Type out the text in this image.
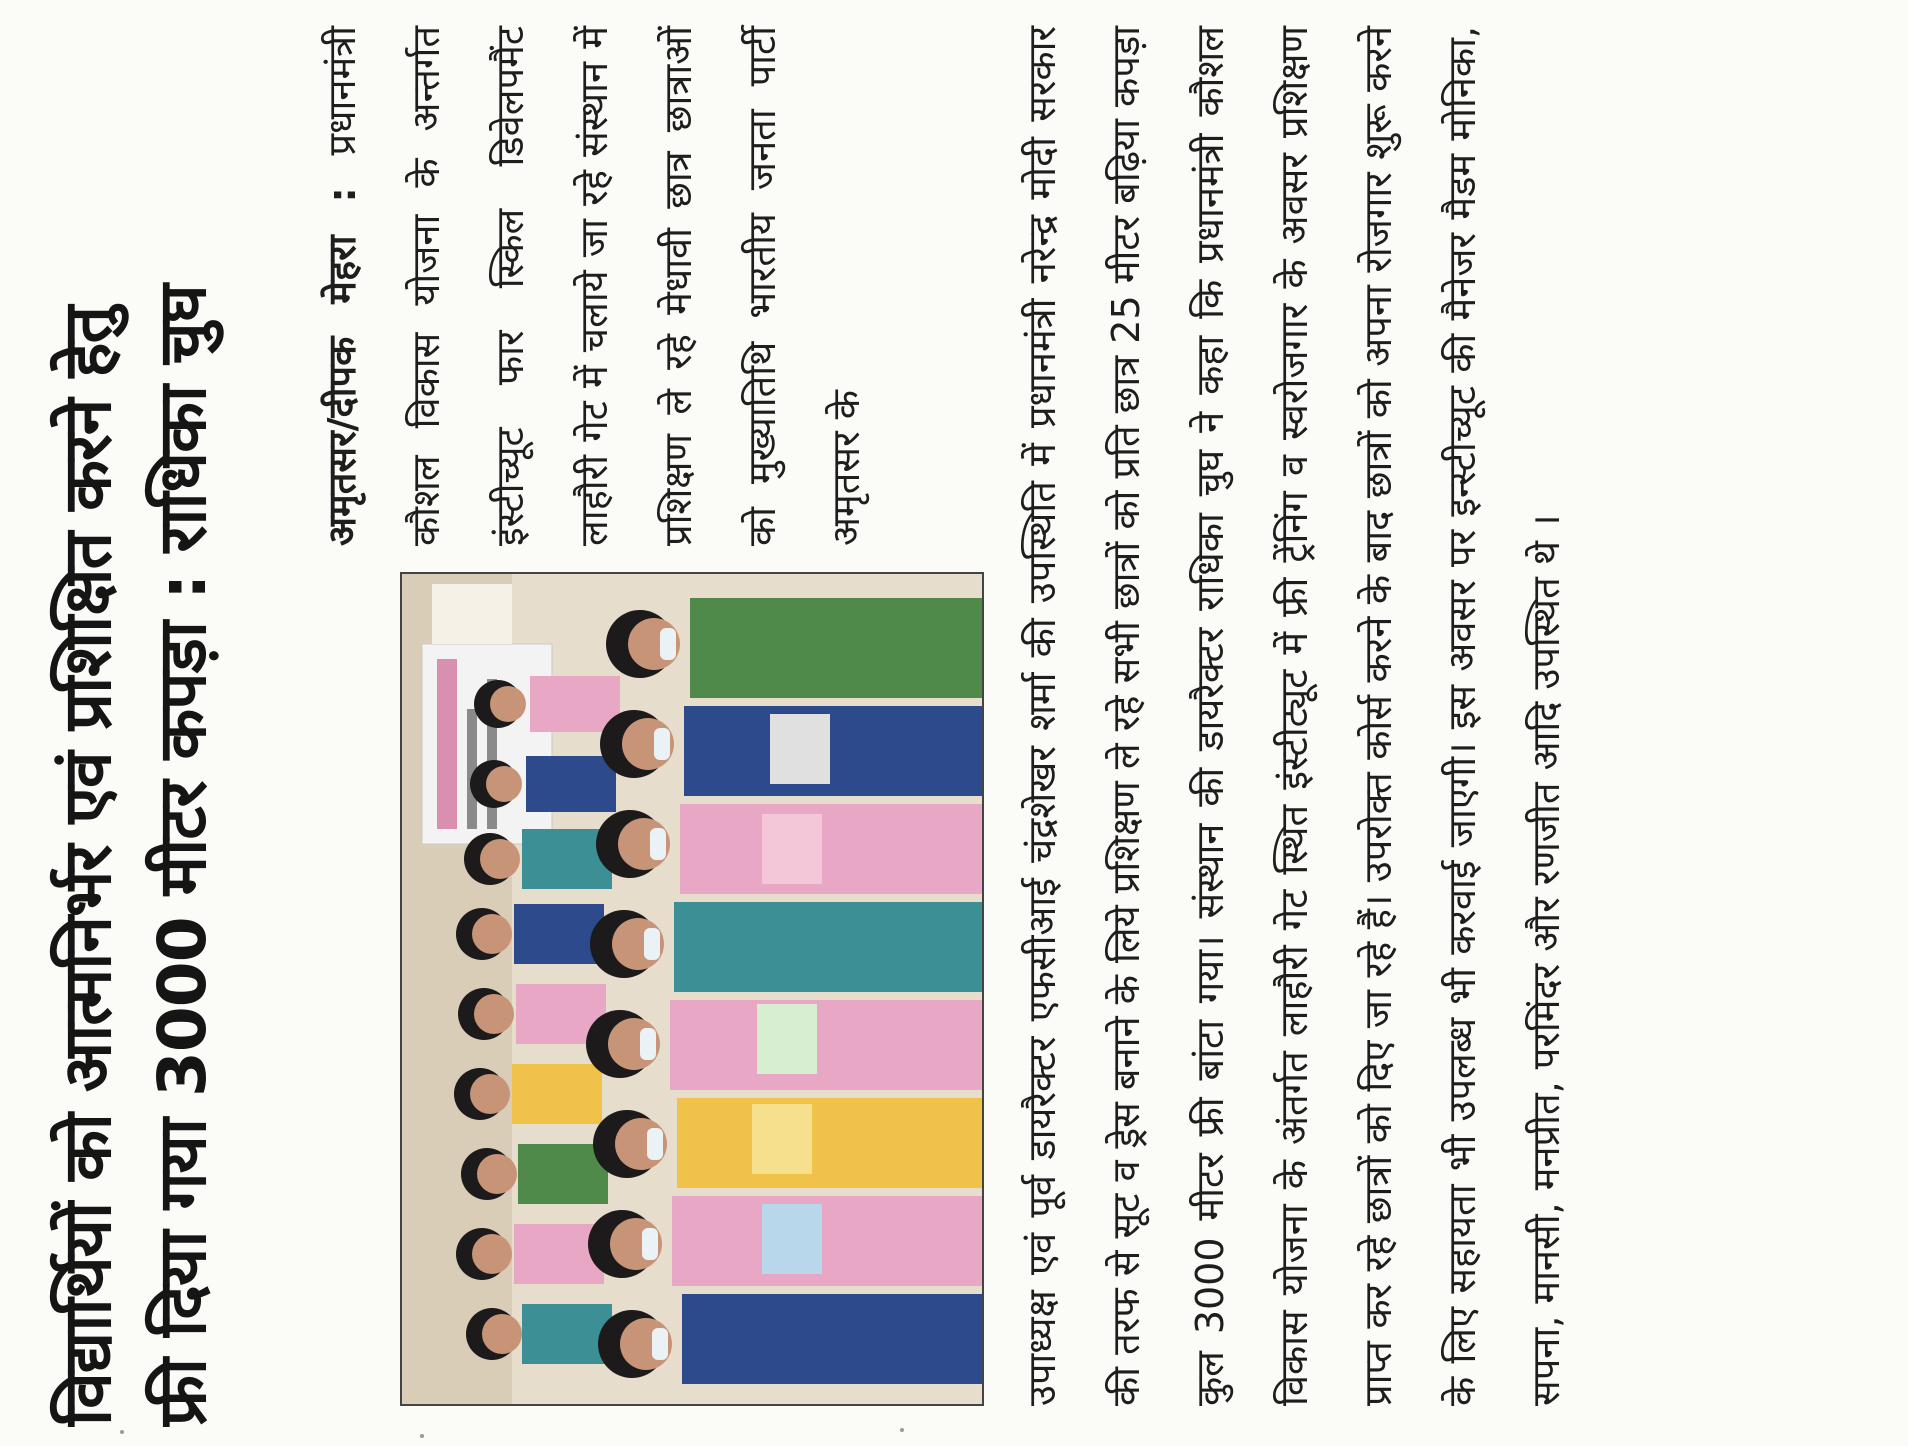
विद्यार्थियों को आत्मनिर्भर एवं प्रशिक्षित करने हेतु फ्री दिया गया 3000 मीटर कपड़ा : राधिका चुघ	अमृतसर/दीपक मेहरा : प्रधानमंत्री कौशल विकास योजना के अन्तर्गत इंस्टीच्यूट फार स्किल डिवेलपमैंट लाहौरी गेट में चलाये जा रहे संस्थान में प्रशिक्षण ले रहे मेधावी छात्र छात्राओं को मुख्यातिथि भारतीय जनता पार्टी अमृतसर के	उपाध्यक्ष एवं पूर्व डायरैक्टर एफसीआई चंद्रशेखर शर्मा की उपस्थिति में प्रधानमंत्री नरेन्द्र मोदी सरकार की तरफ से सूट व ड्रेस बनाने के लिये प्रशिक्षण ले रहे सभी छात्रों को प्रति छात्र 25 मीटर बढ़िया कपड़ा कुल 3000 मीटर फ्री बांटा गया। संस्थान की डायरैक्टर राधिका चुघ ने कहा कि प्रधानमंत्री कौशल विकास योजना के अंतर्गत लाहौरी गेट स्थित इंस्टीट्यूट में फ्री ट्रेंनिंग व स्वरोजगार के अवसर प्रशिक्षण प्राप्त कर रहे छात्रों को दिए जा रहे हैं। उपरोक्त कोर्स करने के बाद छात्रों को अपना रोजगार शुरू करने के लिए सहायता भी उपलब्ध भी करवाई जाएगी। इस अवसर पर इन्स्टीच्यूट की मैनेजर मैडम मोनिका, सपना, मानसी, मनप्रीत, परमिंदर और रणजीत आदि उपस्थित थे ।
